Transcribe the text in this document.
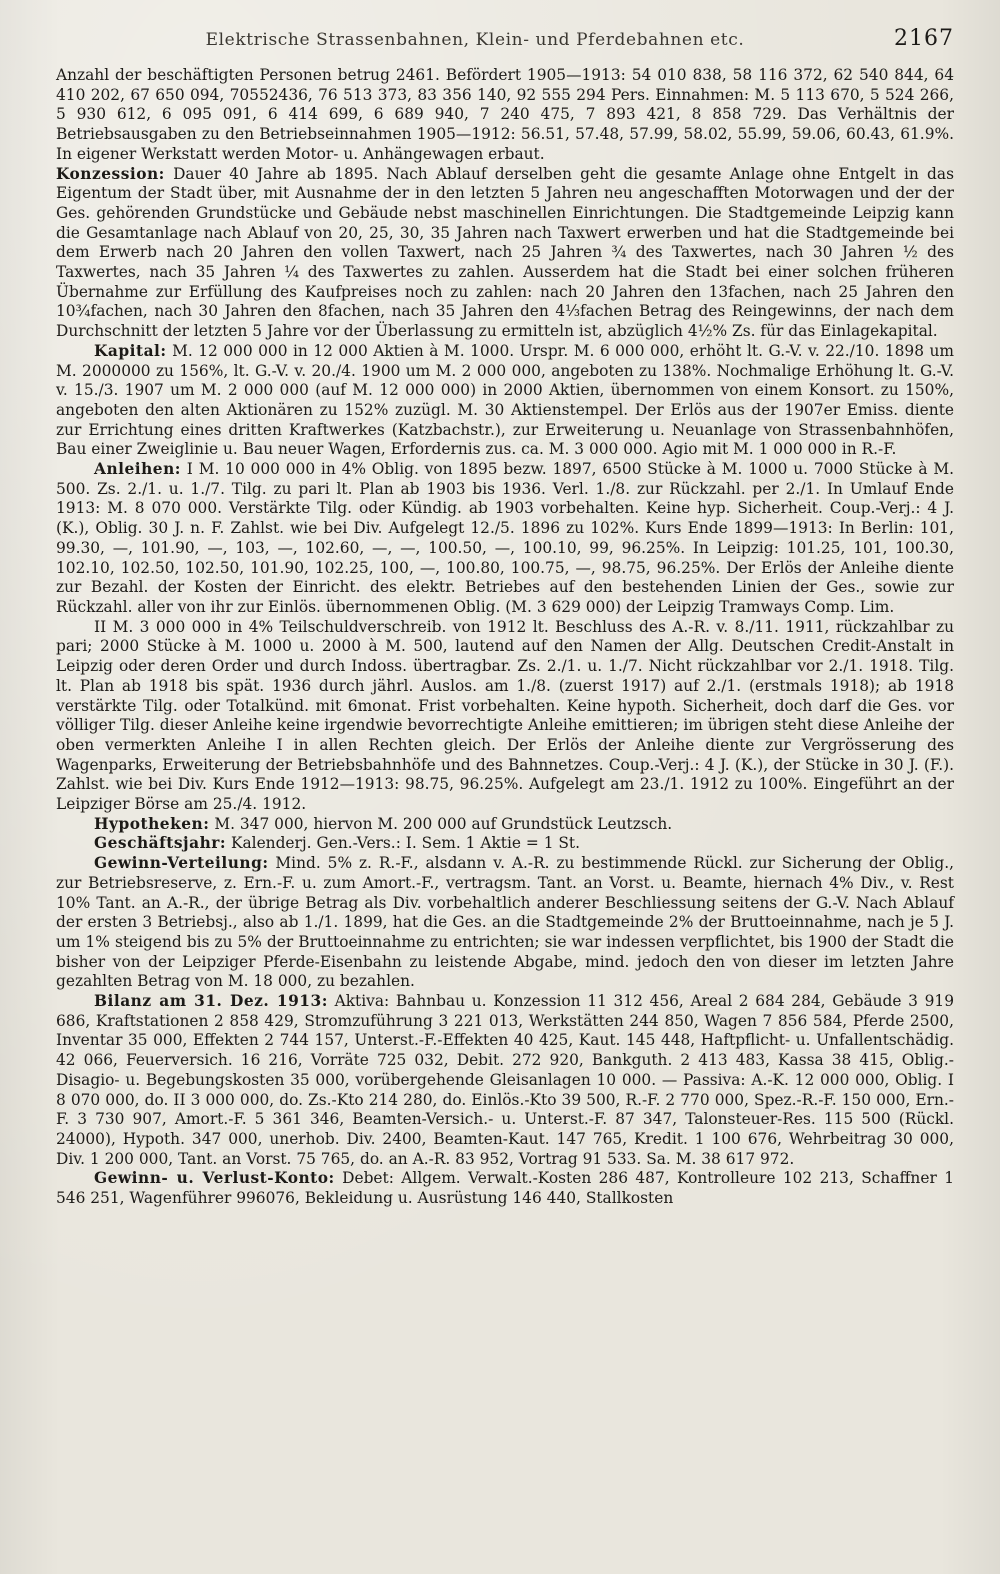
Elektrische Strassenbahnen, Klein- und Pferdebahnen etc.	2167

Anzahl der beschäftigten Personen betrug 2461. Befördert 1905—1913: 54 010 838, 58 116 372, 62 540 844, 64 410 202, 67 650 094, 70552436, 76 513 373, 83 356 140, 92 555 294 Pers. Einnahmen: M. 5 113 670, 5 524 266, 5 930 612, 6 095 091, 6 414 699, 6 689 940, 7 240 475, 7 893 421, 8 858 729. Das Verhältnis der Betriebsausgaben zu den Betriebseinnahmen 1905—1912: 56.51, 57.48, 57.99, 58.02, 55.99, 59.06, 60.43, 61.9%. In eigener Werkstatt werden Motor- u. Anhängewagen erbaut.

Konzession: Dauer 40 Jahre ab 1895. Nach Ablauf derselben geht die gesamte Anlage ohne Entgelt in das Eigentum der Stadt über, mit Ausnahme der in den letzten 5 Jahren neu angeschafften Motorwagen und der der Ges. gehörenden Grundstücke und Gebäude nebst maschinellen Einrichtungen. Die Stadtgemeinde Leipzig kann die Gesamtanlage nach Ablauf von 20, 25, 30, 35 Jahren nach Taxwert erwerben und hat die Stadtgemeinde bei dem Erwerb nach 20 Jahren den vollen Taxwert, nach 25 Jahren ¾ des Taxwertes, nach 30 Jahren ½ des Taxwertes, nach 35 Jahren ¼ des Taxwertes zu zahlen. Ausserdem hat die Stadt bei einer solchen früheren Übernahme zur Erfüllung des Kaufpreises noch zu zahlen: nach 20 Jahren den 13fachen, nach 25 Jahren den 10¾fachen, nach 30 Jahren den 8fachen, nach 35 Jahren den 4⅓fachen Betrag des Reingewinns, der nach dem Durchschnitt der letzten 5 Jahre vor der Überlassung zu ermitteln ist, abzüglich 4½% Zs. für das Einlagekapital.

Kapital: M. 12 000 000 in 12 000 Aktien à M. 1000. Urspr. M. 6 000 000, erhöht lt. G.-V. v. 22./10. 1898 um M. 2000000 zu 156%, lt. G.-V. v. 20./4. 1900 um M. 2 000 000, angeboten zu 138%. Nochmalige Erhöhung lt. G.-V. v. 15./3. 1907 um M. 2 000 000 (auf M. 12 000 000) in 2000 Aktien, übernommen von einem Konsort. zu 150%, angeboten den alten Aktionären zu 152% zuzügl. M. 30 Aktienstempel. Der Erlös aus der 1907er Emiss. diente zur Errichtung eines dritten Kraftwerkes (Katzbachstr.), zur Erweiterung u. Neuanlage von Strassenbahnhöfen, Bau einer Zweiglinie u. Bau neuer Wagen, Erfordernis zus. ca. M. 3 000 000. Agio mit M. 1 000 000 in R.-F.

Anleihen: I M. 10 000 000 in 4% Oblig. von 1895 bezw. 1897, 6500 Stücke à M. 1000 u. 7000 Stücke à M. 500. Zs. 2./1. u. 1./7. Tilg. zu pari lt. Plan ab 1903 bis 1936. Verl. 1./8. zur Rückzahl. per 2./1. In Umlauf Ende 1913: M. 8 070 000. Verstärkte Tilg. oder Kündig. ab 1903 vorbehalten. Keine hyp. Sicherheit. Coup.-Verj.: 4 J. (K.), Oblig. 30 J. n. F. Zahlst. wie bei Div. Aufgelegt 12./5. 1896 zu 102%. Kurs Ende 1899—1913: In Berlin: 101, 99.30, —, 101.90, —, 103, —, 102.60, —, —, 100.50, —, 100.10, 99, 96.25%. In Leipzig: 101.25, 101, 100.30, 102.10, 102.50, 102.50, 101.90, 102.25, 100, —, 100.80, 100.75, —, 98.75, 96.25%. Der Erlös der Anleihe diente zur Bezahl. der Kosten der Einricht. des elektr. Betriebes auf den bestehenden Linien der Ges., sowie zur Rückzahl. aller von ihr zur Einlös. übernommenen Oblig. (M. 3 629 000) der Leipzig Tramways Comp. Lim.

II M. 3 000 000 in 4% Teilschuldverschreib. von 1912 lt. Beschluss des A.-R. v. 8./11. 1911, rückzahlbar zu pari; 2000 Stücke à M. 1000 u. 2000 à M. 500, lautend auf den Namen der Allg. Deutschen Credit-Anstalt in Leipzig oder deren Order und durch Indoss. übertragbar. Zs. 2./1. u. 1./7. Nicht rückzahlbar vor 2./1. 1918. Tilg. lt. Plan ab 1918 bis spät. 1936 durch jährl. Auslos. am 1./8. (zuerst 1917) auf 2./1. (erstmals 1918); ab 1918 verstärkte Tilg. oder Totalkünd. mit 6monat. Frist vorbehalten. Keine hypoth. Sicherheit, doch darf die Ges. vor völliger Tilg. dieser Anleihe keine irgendwie bevorrechtigte Anleihe emittieren; im übrigen steht diese Anleihe der oben vermerkten Anleihe I in allen Rechten gleich. Der Erlös der Anleihe diente zur Vergrösserung des Wagenparks, Erweiterung der Betriebsbahnhöfe und des Bahnnetzes. Coup.-Verj.: 4 J. (K.), der Stücke in 30 J. (F.). Zahlst. wie bei Div. Kurs Ende 1912—1913: 98.75, 96.25%. Aufgelegt am 23./1. 1912 zu 100%. Eingeführt an der Leipziger Börse am 25./4. 1912.

Hypotheken: M. 347 000, hiervon M. 200 000 auf Grundstück Leutzsch.

Geschäftsjahr: Kalenderj. Gen.-Vers.: I. Sem. 1 Aktie = 1 St.

Gewinn-Verteilung: Mind. 5% z. R.-F., alsdann v. A.-R. zu bestimmende Rückl. zur Sicherung der Oblig., zur Betriebsreserve, z. Ern.-F. u. zum Amort.-F., vertragsm. Tant. an Vorst. u. Beamte, hiernach 4% Div., v. Rest 10% Tant. an A.-R., der übrige Betrag als Div. vorbehaltlich anderer Beschliessung seitens der G.-V. Nach Ablauf der ersten 3 Betriebsj., also ab 1./1. 1899, hat die Ges. an die Stadtgemeinde 2% der Bruttoeinnahme, nach je 5 J. um 1% steigend bis zu 5% der Bruttoeinnahme zu entrichten; sie war indessen verpflichtet, bis 1900 der Stadt die bisher von der Leipziger Pferde-Eisenbahn zu leistende Abgabe, mind. jedoch den von dieser im letzten Jahre gezahlten Betrag von M. 18 000, zu bezahlen.

Bilanz am 31. Dez. 1913: Aktiva: Bahnbau u. Konzession 11 312 456, Areal 2 684 284, Gebäude 3 919 686, Kraftstationen 2 858 429, Stromzuführung 3 221 013, Werkstätten 244 850, Wagen 7 856 584, Pferde 2500, Inventar 35 000, Effekten 2 744 157, Unterst.-F.-Effekten 40 425, Kaut. 145 448, Haftpflicht- u. Unfallentschädig. 42 066, Feuerversich. 16 216, Vorräte 725 032, Debit. 272 920, Bankguth. 2 413 483, Kassa 38 415, Oblig.-Disagio- u. Begebungskosten 35 000, vorübergehende Gleisanlagen 10 000. — Passiva: A.-K. 12 000 000, Oblig. I 8 070 000, do. II 3 000 000, do. Zs.-Kto 214 280, do. Einlös.-Kto 39 500, R.-F. 2 770 000, Spez.-R.-F. 150 000, Ern.-F. 3 730 907, Amort.-F. 5 361 346, Beamten-Versich.- u. Unterst.-F. 87 347, Talonsteuer-Res. 115 500 (Rückl. 24000), Hypoth. 347 000, unerhob. Div. 2400, Beamten-Kaut. 147 765, Kredit. 1 100 676, Wehrbeitrag 30 000, Div. 1 200 000, Tant. an Vorst. 75 765, do. an A.-R. 83 952, Vortrag 91 533. Sa. M. 38 617 972.

Gewinn- u. Verlust-Konto: Debet: Allgem. Verwalt.-Kosten 286 487, Kontrolleure 102 213, Schaffner 1 546 251, Wagenführer 996076, Bekleidung u. Ausrüstung 146 440, Stallkosten
